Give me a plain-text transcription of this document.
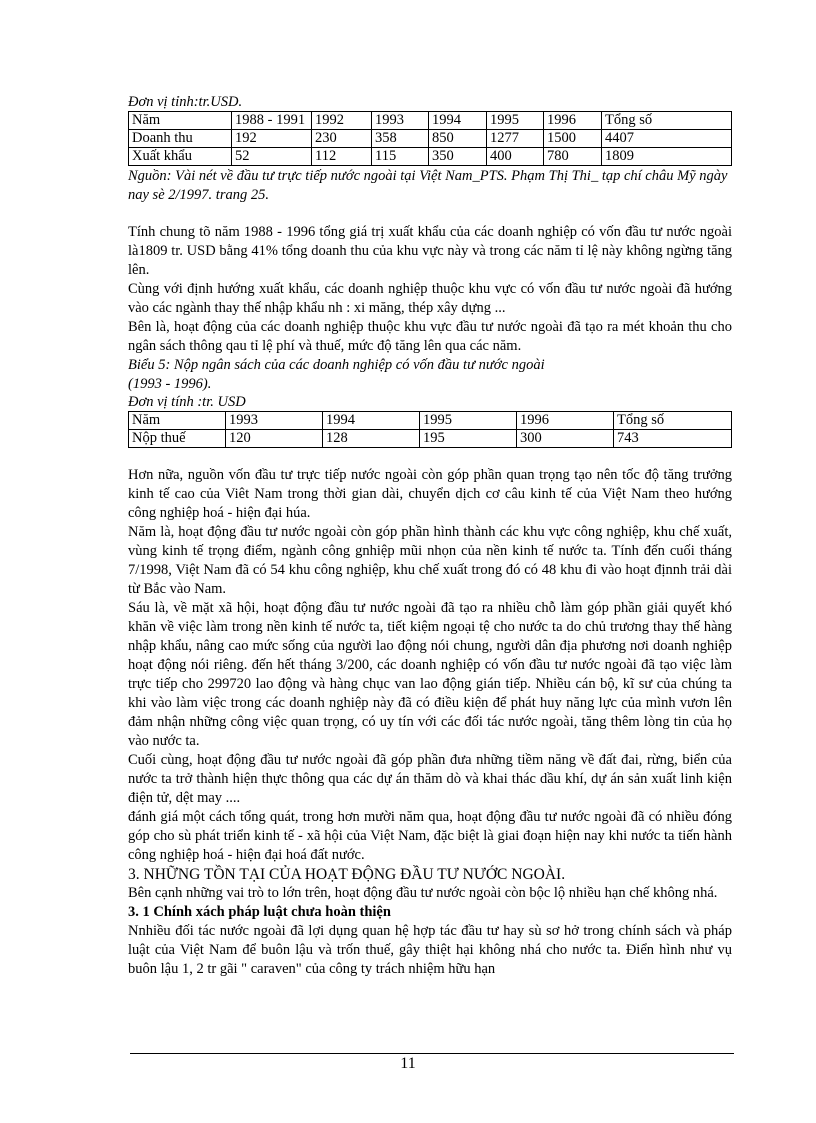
Đơn vị tỉnh:tr.USD.
Năm	1988 - 1991	1992	1993	1994	1995	1996	Tổng số
Doanh thu	192	230	358	850	1277	1500	4407
Xuất khẩu	52	112	115	350	400	780	1809
Nguồn: Vài nét về đầu tư trực tiếp nước ngoài tại Việt Nam_PTS. Phạm Thị Thi_ tạp chí châu Mỹ ngày nay sè 2/1997. trang 25.

Tính chung tõ năm 1988 - 1996 tổng giá trị xuất khẩu của các doanh nghiệp có vốn đầu tư nước ngoài là1809 tr. USD bằng 41% tổng doanh thu của khu vực này và trong các năm tỉ lệ này không ngừng tăng lên.

Cùng với định hướng xuất khẩu, các doanh nghiệp thuộc khu vực có vốn đầu tư nước ngoài đã hướng vào các ngành thay thế nhập khẩu nh : xi măng, thép xây dựng ...

Bên là, hoạt động của các doanh nghiệp thuộc khu vực đầu tư nước ngoài đã tạo ra mét khoản thu cho ngân sách thông qau tỉ lệ phí và thuế, mức độ tăng lên qua các năm.

Biểu 5: Nộp ngân sách của các doanh nghiệp có vốn đầu tư nước ngoài
(1993 - 1996).
Đơn vị tính :tr. USD
Năm	1993	1994	1995	1996	Tổng số
Nộp thuế	120	128	195	300	743

Hơn nữa, nguồn vốn đầu tư trực tiếp nước ngoài còn góp phần quan trọng tạo nên tốc độ tăng trưởng kinh tế cao của Viêt Nam trong thời gian dài, chuyển dịch cơ câu kinh tế của Việt Nam theo hướng công nghiệp hoá - hiện đại húa.

Năm là, hoạt động đầu tư nước ngoài còn góp phần hình thành các khu vực công nghiệp, khu chế xuất, vùng kinh tế trọng điểm, ngành công gnhiệp mũi nhọn của nền kinh tế nước ta. Tính đến cuối tháng 7/1998, Việt Nam đã có 54 khu công nghiệp, khu chế xuất trong đó có 48 khu đi vào hoạt địnnh trải dài từ Bắc vào Nam.

Sáu là, về mặt xã hội, hoạt động đầu tư nước ngoài đã tạo ra nhiều chỗ làm góp phần giải quyết khó khăn về việc làm trong nền kinh tế nước ta, tiết kiệm ngoại tệ cho nước ta do chủ trương thay thế hàng nhập khẩu, nâng cao mức sống của người lao động nói chung, người dân địa phương nơi doanh nghiệp hoạt động nói riêng. đến hết tháng 3/200, các doanh nghiệp có vốn đầu tư nước ngoài đã tạo việc làm trực tiếp cho 299720 lao động và hàng chục van lao động gián tiếp. Nhiều cán bộ, kĩ sư của chúng ta khi vào làm việc trong các doanh nghiệp này đã có điều kiện để phát huy năng lực của mình vươn lên đảm nhận những công việc quan trọng, có uy tín với các đối tác nước ngoài, tăng thêm lòng tin của họ vào nước ta.

Cuối cùng, hoạt động đầu tư nước ngoài đã góp phần đưa những tiềm năng về đất đai, rừng, biển của nước ta trở thành hiện thực thông qua các dự án thăm dò và khai thác dầu khí, dự án sản xuất linh kiện điện tử, dệt may ....

đánh giá một cách tổng quát, trong hơn mười năm qua, hoạt động đầu tư nước ngoài đã có nhiều đóng góp cho sù phát triển kinh tế - xã hội của Việt Nam, đặc biệt là giai đoạn hiện nay khi nước ta tiến hành công nghiệp hoá - hiện đại hoá đất nước.

3. NHỮNG TỒN TẠI CỦA HOẠT ĐỘNG ĐẦU TƯ NƯỚC NGOÀI.

Bên cạnh những vai trò to lớn trên, hoạt động đầu tư nước ngoài còn bộc lộ nhiều hạn chế không nhá.

3. 1 Chính xách pháp luật chưa hoàn thiện

Nnhiều đối tác nước ngoài đã lợi dụng quan hệ hợp tác đầu tư hay sù sơ hở trong chính sách và pháp luật của Việt Nam để buôn lậu và trốn thuế, gây thiệt hại không nhá cho nước ta. Điển hình như vụ buôn lậu 1, 2 tr gãi " caraven" của công ty trách nhiệm hữu hạn

11
